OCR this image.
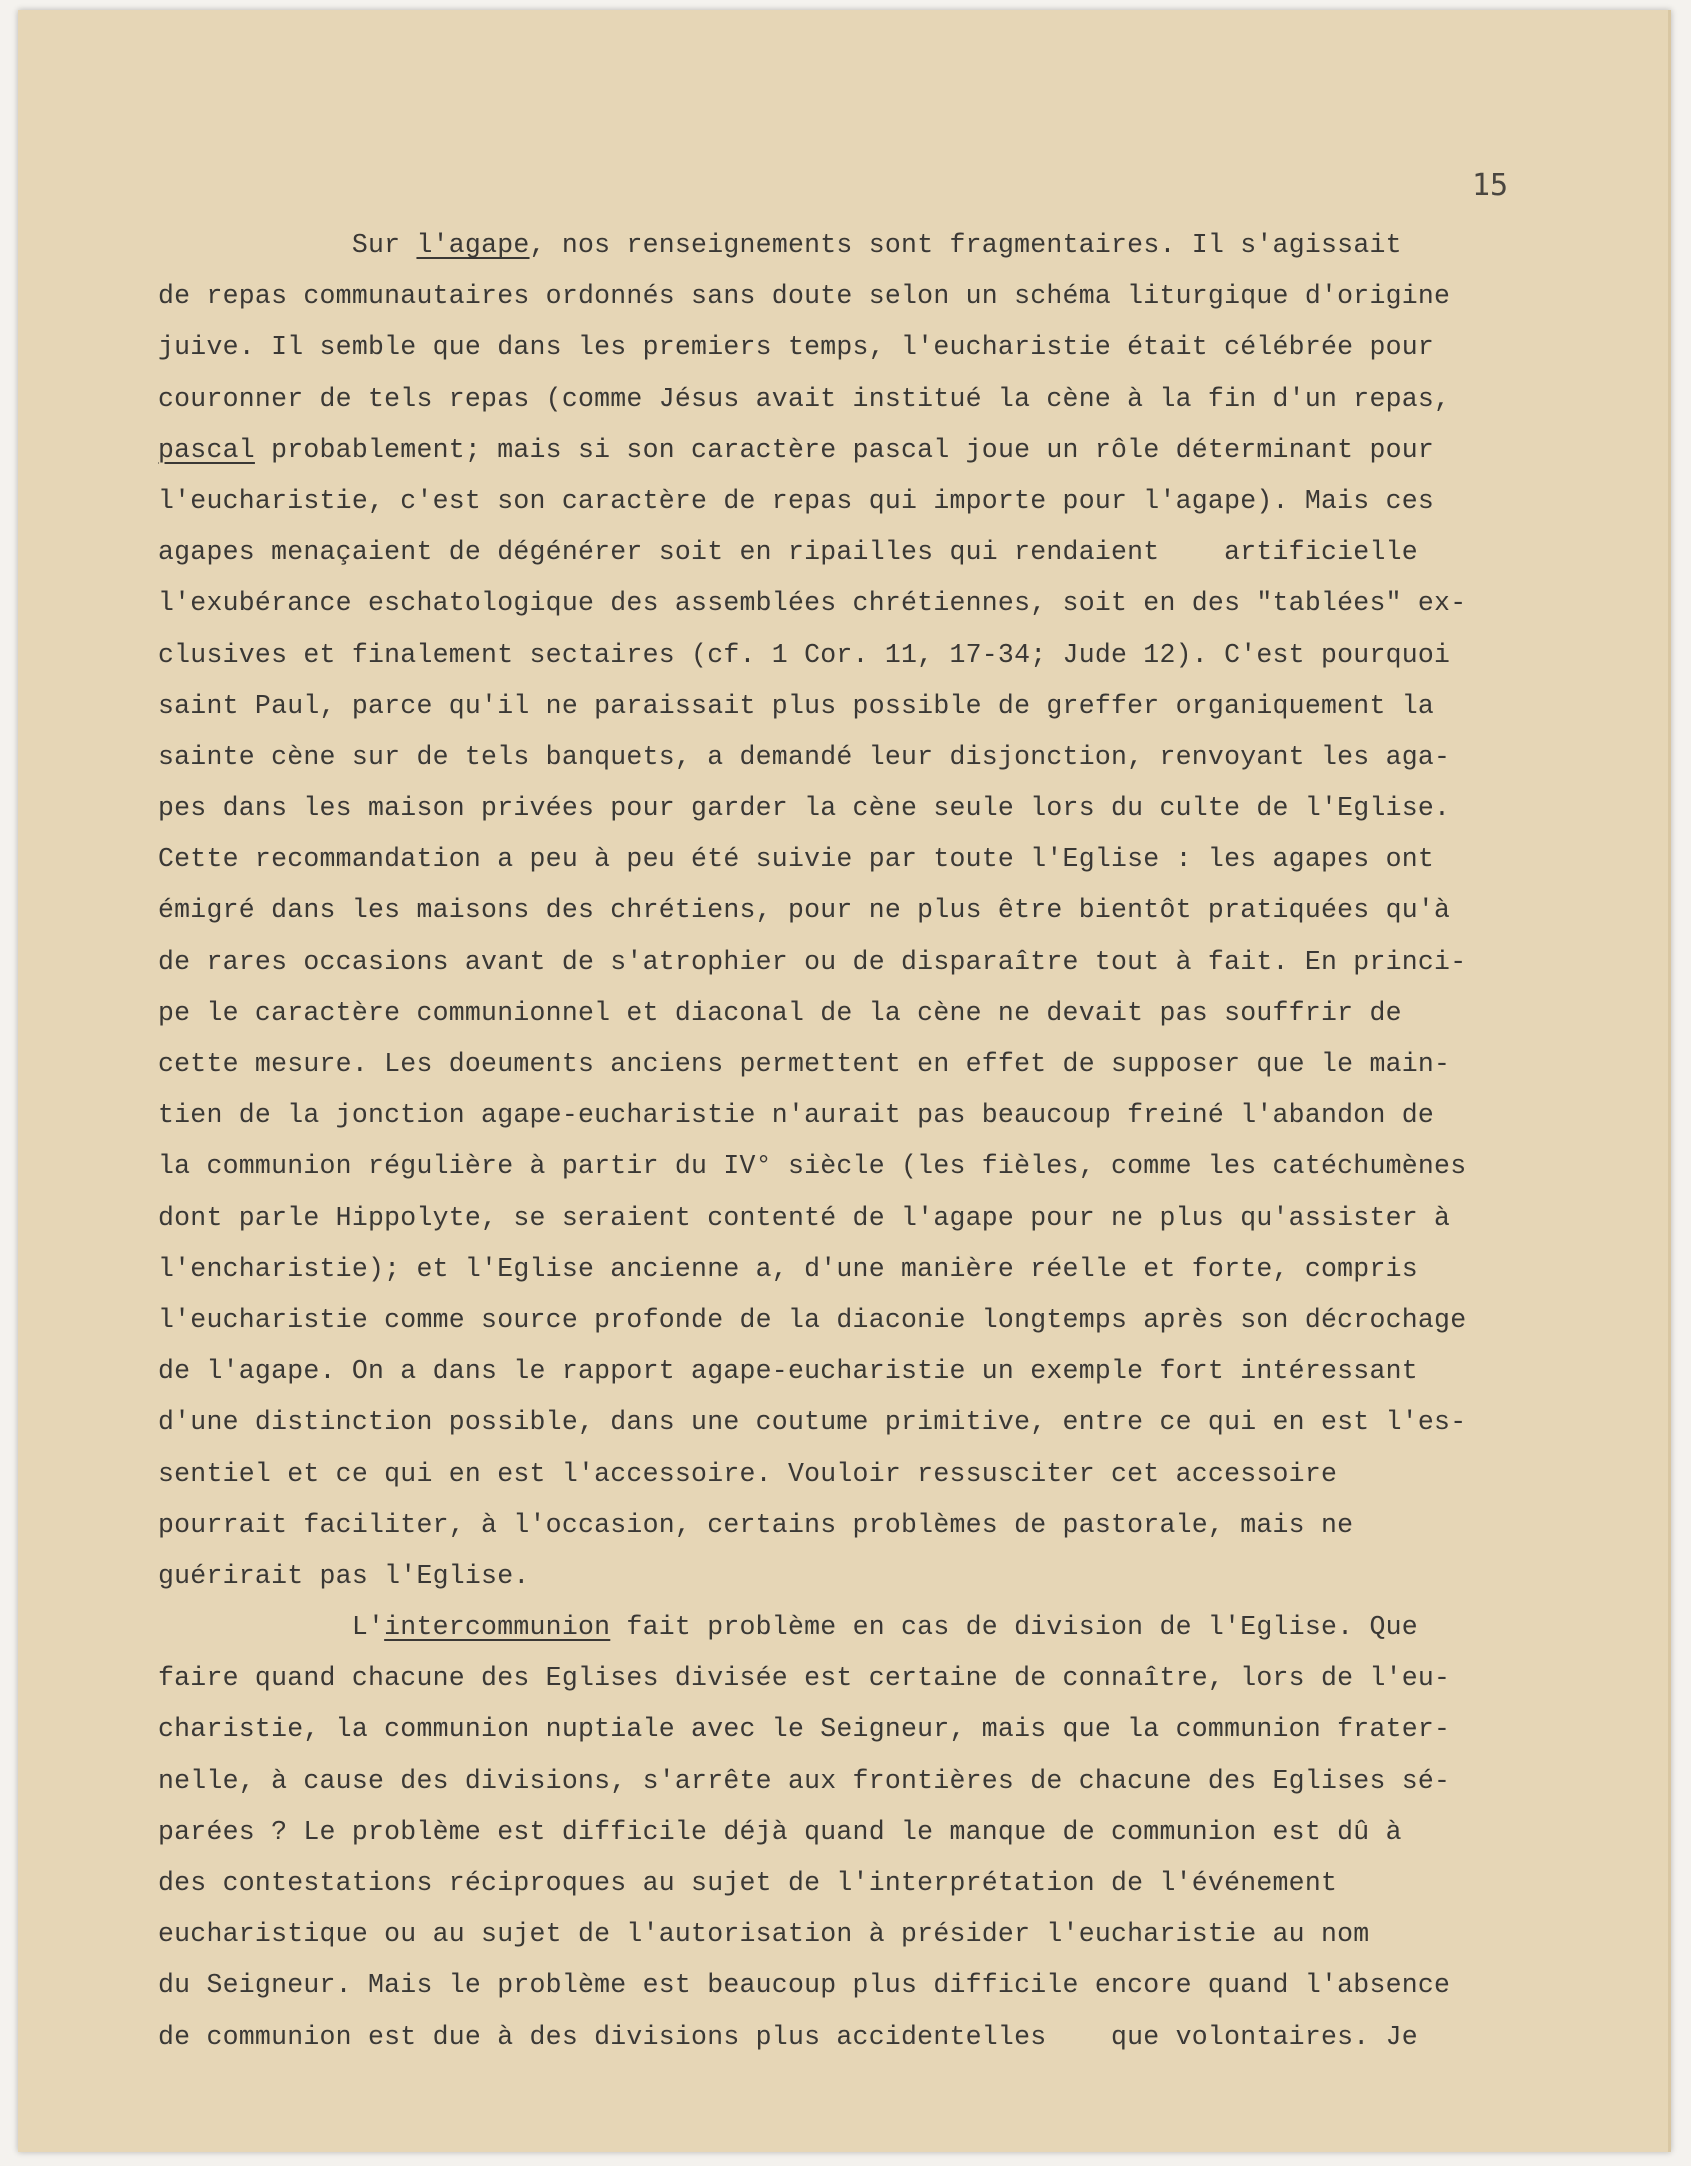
15
Sur l'agape, nos renseignements sont fragmentaires. Il s'agissait
de repas communautaires ordonnés sans doute selon un schéma liturgique d'origine
juive. Il semble que dans les premiers temps, l'eucharistie était célébrée pour
couronner de tels repas (comme Jésus avait institué la cène à la fin d'un repas,
pascal probablement; mais si son caractère pascal joue un rôle déterminant pour
l'eucharistie, c'est son caractère de repas qui importe pour l'agape). Mais ces
agapes menaçaient de dégénérer soit en ripailles qui rendaient    artificielle
l'exubérance eschatologique des assemblées chrétiennes, soit en des "tablées" ex-
clusives et finalement sectaires (cf. 1 Cor. 11, 17-34; Jude 12). C'est pourquoi
saint Paul, parce qu'il ne paraissait plus possible de greffer organiquement la
sainte cène sur de tels banquets, a demandé leur disjonction, renvoyant les aga-
pes dans les maison privées pour garder la cène seule lors du culte de l'Eglise.
Cette recommandation a peu à peu été suivie par toute l'Eglise : les agapes ont
émigré dans les maisons des chrétiens, pour ne plus être bientôt pratiquées qu'à
de rares occasions avant de s'atrophier ou de disparaître tout à fait. En princi-
pe le caractère communionnel et diaconal de la cène ne devait pas souffrir de
cette mesure. Les doeuments anciens permettent en effet de supposer que le main-
tien de la jonction agape-eucharistie n'aurait pas beaucoup freiné l'abandon de
la communion régulière à partir du IV° siècle (les fièles, comme les catéchumènes
dont parle Hippolyte, se seraient contenté de l'agape pour ne plus qu'assister à
l'encharistie); et l'Eglise ancienne a, d'une manière réelle et forte, compris
l'eucharistie comme source profonde de la diaconie longtemps après son décrochage
de l'agape. On a dans le rapport agape-eucharistie un exemple fort intéressant
d'une distinction possible, dans une coutume primitive, entre ce qui en est l'es-
sentiel et ce qui en est l'accessoire. Vouloir ressusciter cet accessoire
pourrait faciliter, à l'occasion, certains problèmes de pastorale, mais ne
guérirait pas l'Eglise.
L'intercommunion fait problème en cas de division de l'Eglise. Que
faire quand chacune des Eglises divisée est certaine de connaître, lors de l'eu-
charistie, la communion nuptiale avec le Seigneur, mais que la communion frater-
nelle, à cause des divisions, s'arrête aux frontières de chacune des Eglises sé-
parées ? Le problème est difficile déjà quand le manque de communion est dû à
des contestations réciproques au sujet de l'interprétation de l'événement
eucharistique ou au sujet de l'autorisation à présider l'eucharistie au nom
du Seigneur. Mais le problème est beaucoup plus difficile encore quand l'absence
de communion est due à des divisions plus accidentelles    que volontaires. Je
